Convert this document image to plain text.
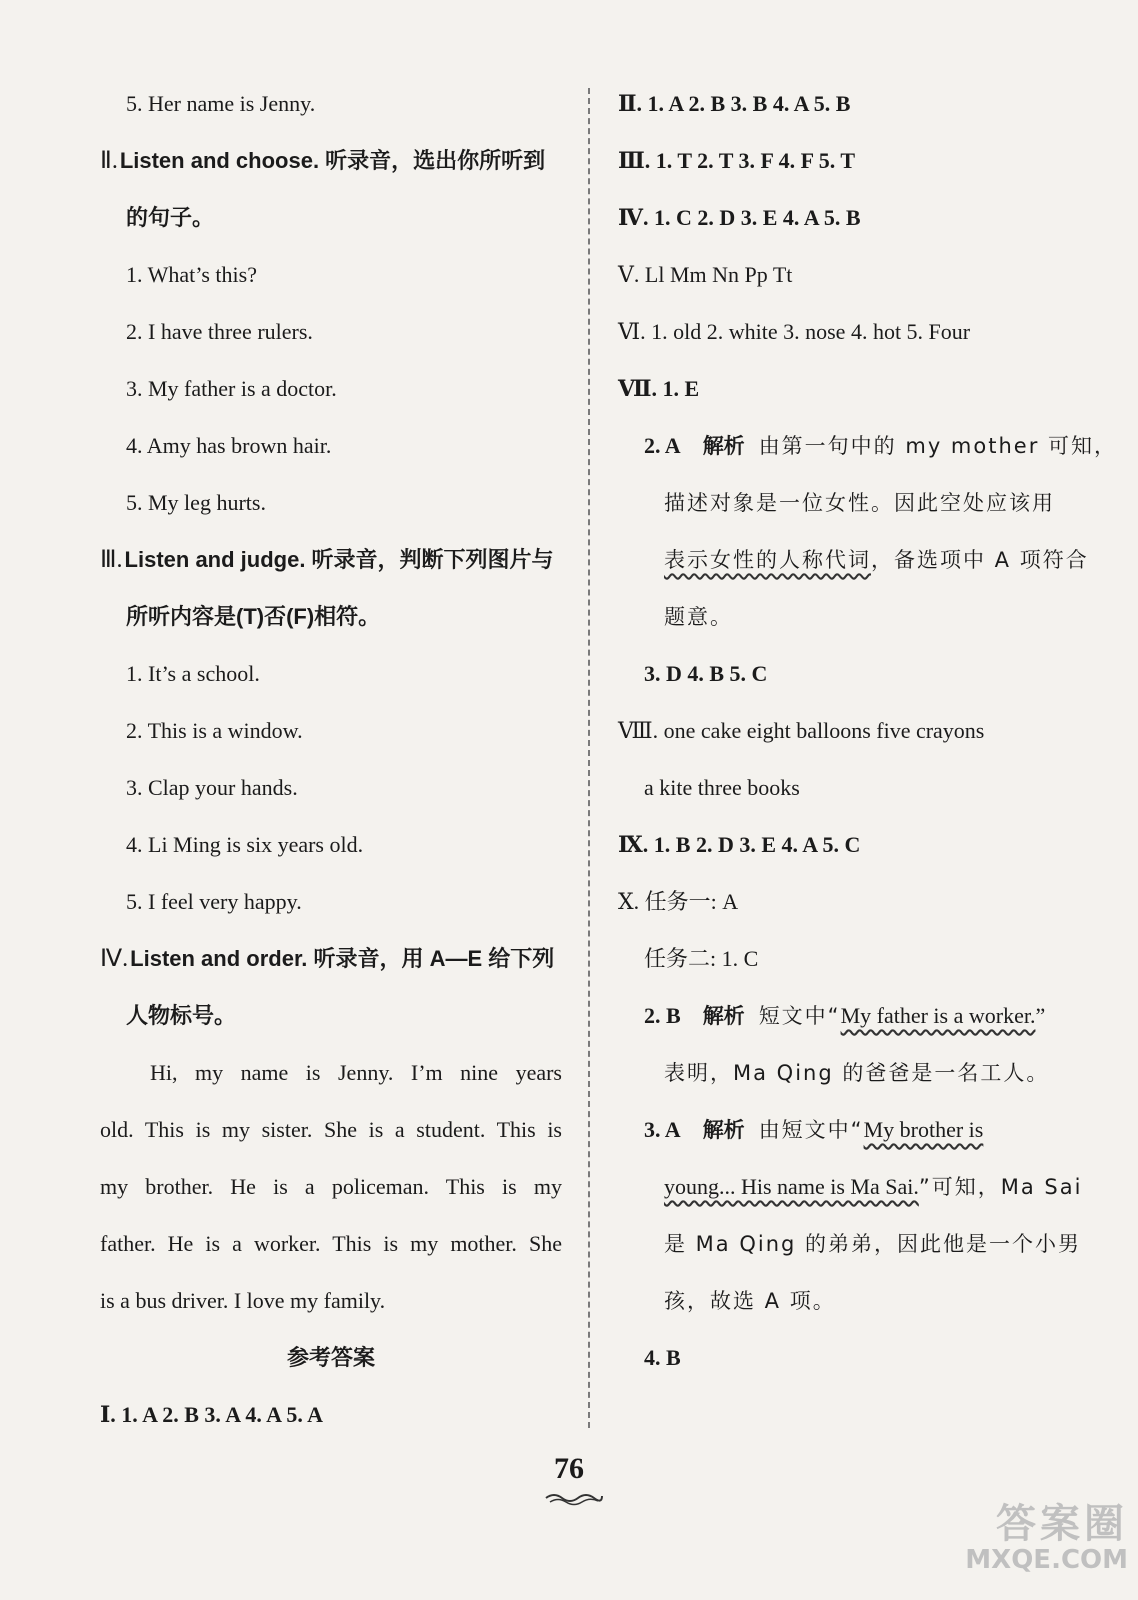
5. Her name is Jenny.
Ⅱ.Listen and choose. 听录音，选出你所听到
的句子。
1. What’s this?
2. I have three rulers.
3. My father is a doctor.
4. Amy has brown hair.
5. My leg hurts.
Ⅲ.Listen and judge. 听录音，判断下列图片与
所听内容是(T)否(F)相符。
1. It’s a school.
2. This is a window.
3. Clap your hands.
4. Li Ming is six years old.
5. I feel very happy.
Ⅳ.Listen and order. 听录音，用 A—E 给下列
人物标号。
Hi, my name is Jenny. I’m nine years
old. This is my sister. She is a student. This is
my brother. He is a policeman. This is my
father. He is a worker. This is my mother. She
is a bus driver. I love my family.
参考答案
Ⅰ. 1. A 2. B 3. A 4. A 5. A
Ⅱ. 1. A 2. B 3. B 4. A 5. B
Ⅲ. 1. T 2. T 3. F 4. F 5. T
Ⅳ. 1. C 2. D 3. E 4. A 5. B
Ⅴ. Ll Mm Nn Pp Tt
Ⅵ. 1. old 2. white 3. nose 4. hot 5. Four
Ⅶ. 1. E
2. A 解析 由第一句中的 my mother 可知，
描述对象是一位女性。因此空处应该用
表示女性的人称代词，备选项中 A 项符合
题意。
3. D 4. B 5. C
Ⅷ. one cake eight balloons five crayons
a kite three books
Ⅸ. 1. B 2. D 3. E 4. A 5. C
Ⅹ. 任务一: A
任务二: 1. C
2. B 解析 短文中“My father is a worker.”
表明，Ma Qing 的爸爸是一名工人。
3. A 解析 由短文中“My brother is
young... His name is Ma Sai.”可知，Ma Sai
是 Ma Qing 的弟弟，因此他是一个小男
孩，故选 A 项。
4. B
76
答案圈
MXQE.COM
